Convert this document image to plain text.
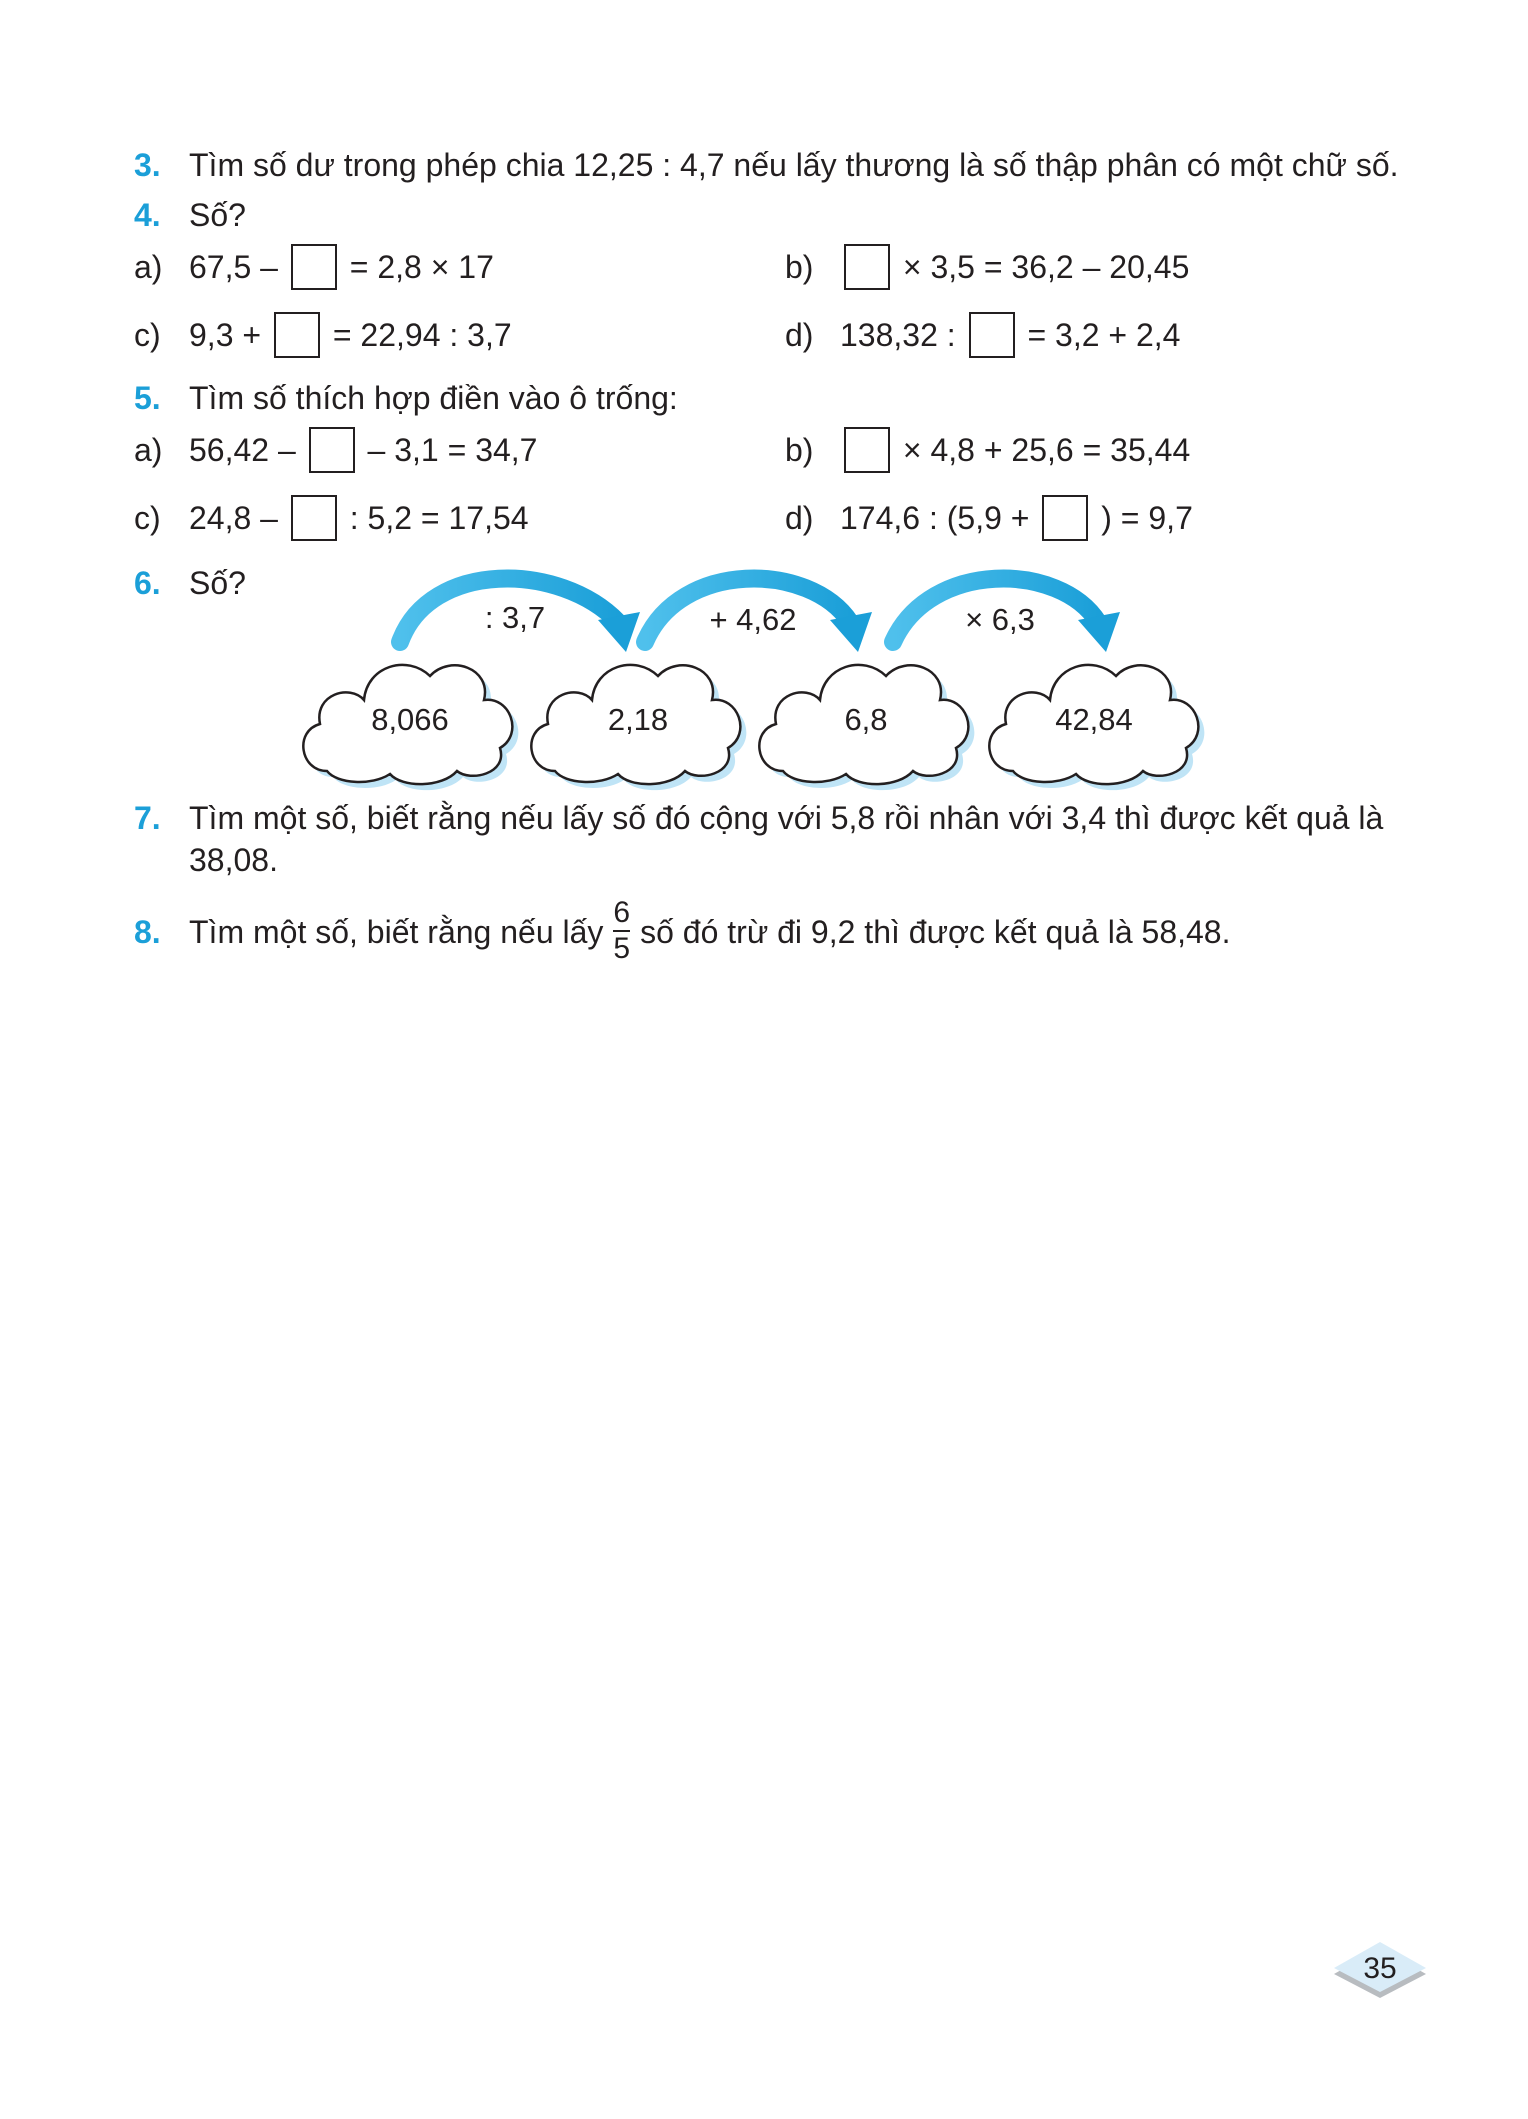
3. Tìm số dư trong phép chia 12,25 : 4,7 nếu lấy thương là số thập phân có một chữ số.
4. Số?
a) 67,5 – = 2,8 × 17	b)	× 3,5 = 36,2 – 20,45
c) 9,3 + = 22,94 : 3,7	d) 138,32 : = 3,2 + 2,4
5. Tìm số thích hợp điền vào ô trống:
a) 56,42 – – 3,1 = 34,7	b)	× 4,8 + 25,6 = 35,44
c) 24,8 – : 5,2 = 17,54	d) 174,6 : (5,9 + ) = 9,7
6. Số?
: 3,7	+ 4,62	× 6,3
8,066	2,18	6,8	42,84
7. Tìm một số, biết rằng nếu lấy số đó cộng với 5,8 rồi nhân với 3,4 thì được kết quả là
38,08.
8. Tìm một số, biết rằng nếu lấy $\frac{6}{5}$ số đó trừ đi 9,2 thì được kết quả là 58,48.
35
